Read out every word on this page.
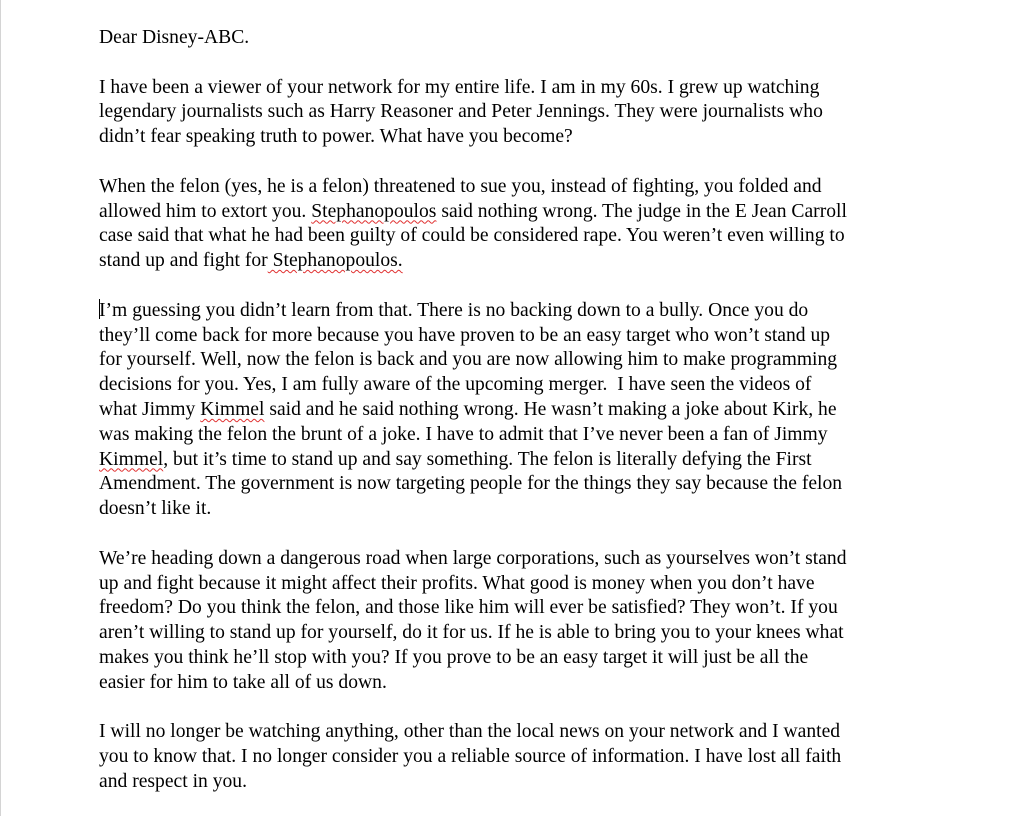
Dear Disney-ABC.
I have been a viewer of your network for my entire life. I am in my 60s. I grew up watching
legendary journalists such as Harry Reasoner and Peter Jennings. They were journalists who
didn’t fear speaking truth to power. What have you become?
When the felon (yes, he is a felon) threatened to sue you, instead of fighting, you folded and
allowed him to extort you. Stephanopoulos said nothing wrong. The judge in the E Jean Carroll
case said that what he had been guilty of could be considered rape. You weren’t even willing to
stand up and fight for Stephanopoulos.
I’m guessing you didn’t learn from that. There is no backing down to a bully. Once you do
they’ll come back for more because you have proven to be an easy target who won’t stand up
for yourself. Well, now the felon is back and you are now allowing him to make programming
decisions for you. Yes, I am fully aware of the upcoming merger.  I have seen the videos of
what Jimmy Kimmel said and he said nothing wrong. He wasn’t making a joke about Kirk, he
was making the felon the brunt of a joke. I have to admit that I’ve never been a fan of Jimmy
Kimmel, but it’s time to stand up and say something. The felon is literally defying the First
Amendment. The government is now targeting people for the things they say because the felon
doesn’t like it.
We’re heading down a dangerous road when large corporations, such as yourselves won’t stand
up and fight because it might affect their profits. What good is money when you don’t have
freedom? Do you think the felon, and those like him will ever be satisfied? They won’t. If you
aren’t willing to stand up for yourself, do it for us. If he is able to bring you to your knees what
makes you think he’ll stop with you? If you prove to be an easy target it will just be all the
easier for him to take all of us down.
I will no longer be watching anything, other than the local news on your network and I wanted
you to know that. I no longer consider you a reliable source of information. I have lost all faith
and respect in you.
